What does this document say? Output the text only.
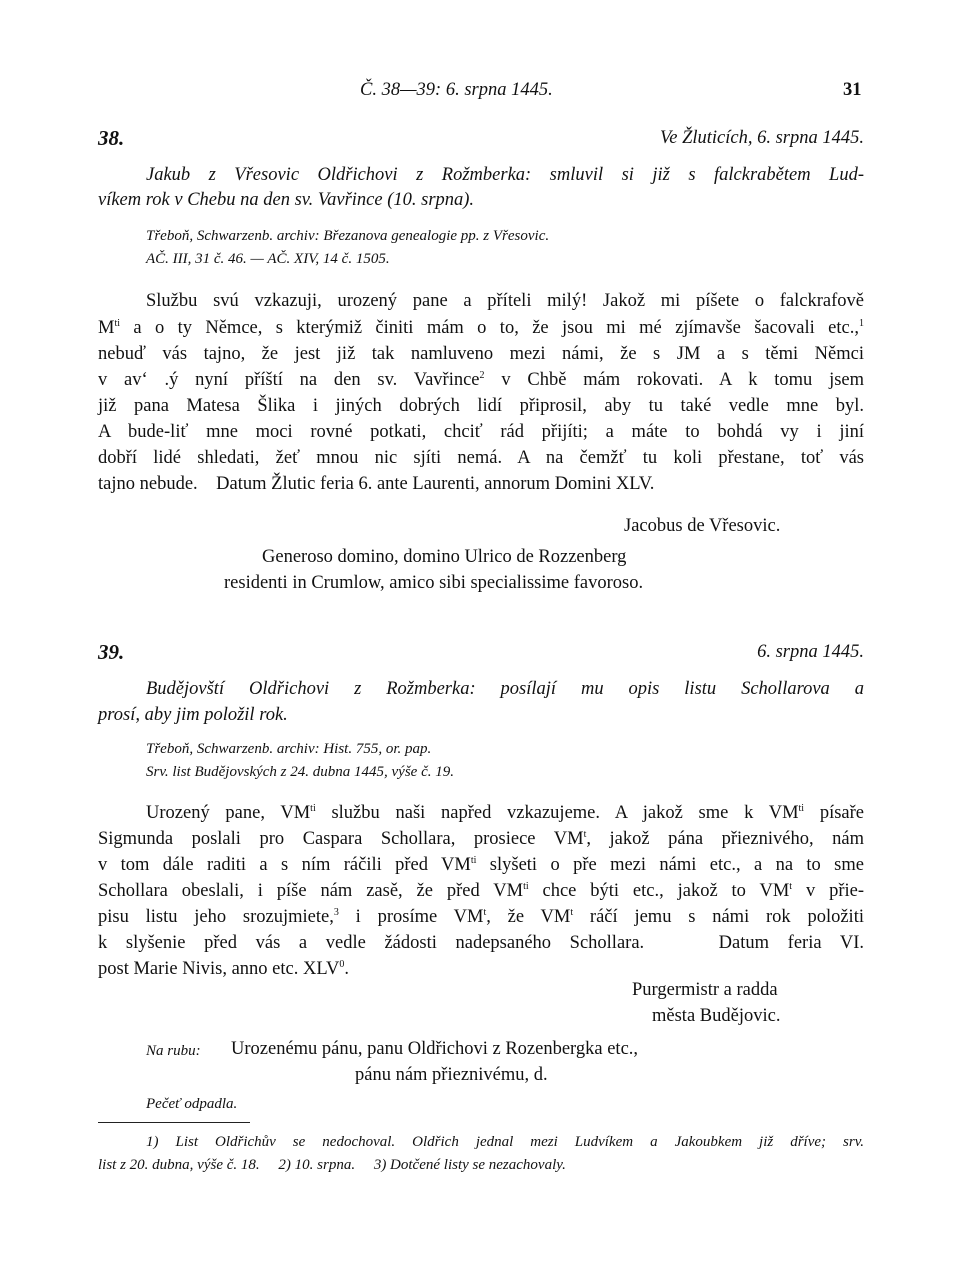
Č. 38—39: 6. srpna 1445.	31
38.	Ve Žluticích, 6. srpna 1445.
Jakub z Vřesovic Oldřichovi z Rožmberka: smluvil si již s falckrabětem Lud-
víkem rok v Chebu na den sv. Vavřince (10. srpna).
Třeboň, Schwarzenb. archiv: Březanova genealogie pp. z Vřesovic.
AČ. III, 31 č. 46. — AČ. XIV, 14 č. 1505.
Službu svú vzkazuji, urozený pane a příteli milý! Jakož mi píšete o falckrafově
$M^{ti}$ a o ty Němce, s kterýmiž činiti mám o to, že jsou mi mé zjímavše šacovali etc.,$^1$
nebuď vás tajno, že jest již tak namluveno mezi námi, že s JM a s těmi Němci
v av‘ .ý nyní příští na den sv. Vavřince$^2$ v Chbě mám rokovati. A k tomu jsem
již pana Matesa Šlika i jiných dobrých lidí připrosil, aby tu také vedle mne byl.
A bude-liť mne moci rovné potkati, chciť rád přijíti; a máte to bohdá vy i jiní
dobří lidé shledati, žeť mnou nic sjíti nemá. A na čemžť tu koli přestane, toť vás
tajno nebude.    Datum Žlutic feria 6. ante Laurenti, annorum Domini XLV.
Jacobus de Vřesovic.
Generoso domino, domino Ulrico de Rozzenberg
residenti in Crumlow, amico sibi specialissime favoroso.
39.	6. srpna 1445.
Budějovští Oldřichovi z Rožmberka: posílají mu opis listu Schollarova a
prosí, aby jim položil rok.
Třeboň, Schwarzenb. archiv: Hist. 755, or. pap.
Srv. list Budějovských z 24. dubna 1445, výše č. 19.
Urozený pane, $VM^{ti}$ službu naši napřed vzkazujeme. A jakož sme k $VM^{ti}$ písaře
Sigmunda poslali pro Caspara Schollara, prosiece $VM^t$, jakož pána přieznivého, nám
v tom dále raditi a s ním ráčili před $VM^{ti}$ slyšeti o pře mezi námi etc., a na to sme
Schollara obeslali, i píše nám zasě, že před $VM^{ti}$ chce býti etc., jakož to $VM^t$ v přie-
pisu listu jeho srozujmiete,$^3$ i prosíme $VM^t$, že $VM^t$ ráčí jemu s námi rok položiti
k slyšenie před vás a vedle žádosti nadepsaného Schollara.    Datum feria VI.
post Marie Nivis, anno etc. XLV$^0$.
Purgermistr a radda
města Budějovic.
Na rubu: Urozenému pánu, panu Oldřichovi z Rozenbergka etc.,
pánu nám přieznivému, d.
Pečeť odpadla.
1) List Oldřichův se nedochoval. Oldřich jednal mezi Ludvíkem a Jakoubkem již dříve; srv.
list z 20. dubna, výše č. 18.     2) 10. srpna.     3) Dotčené listy se nezachovaly.
